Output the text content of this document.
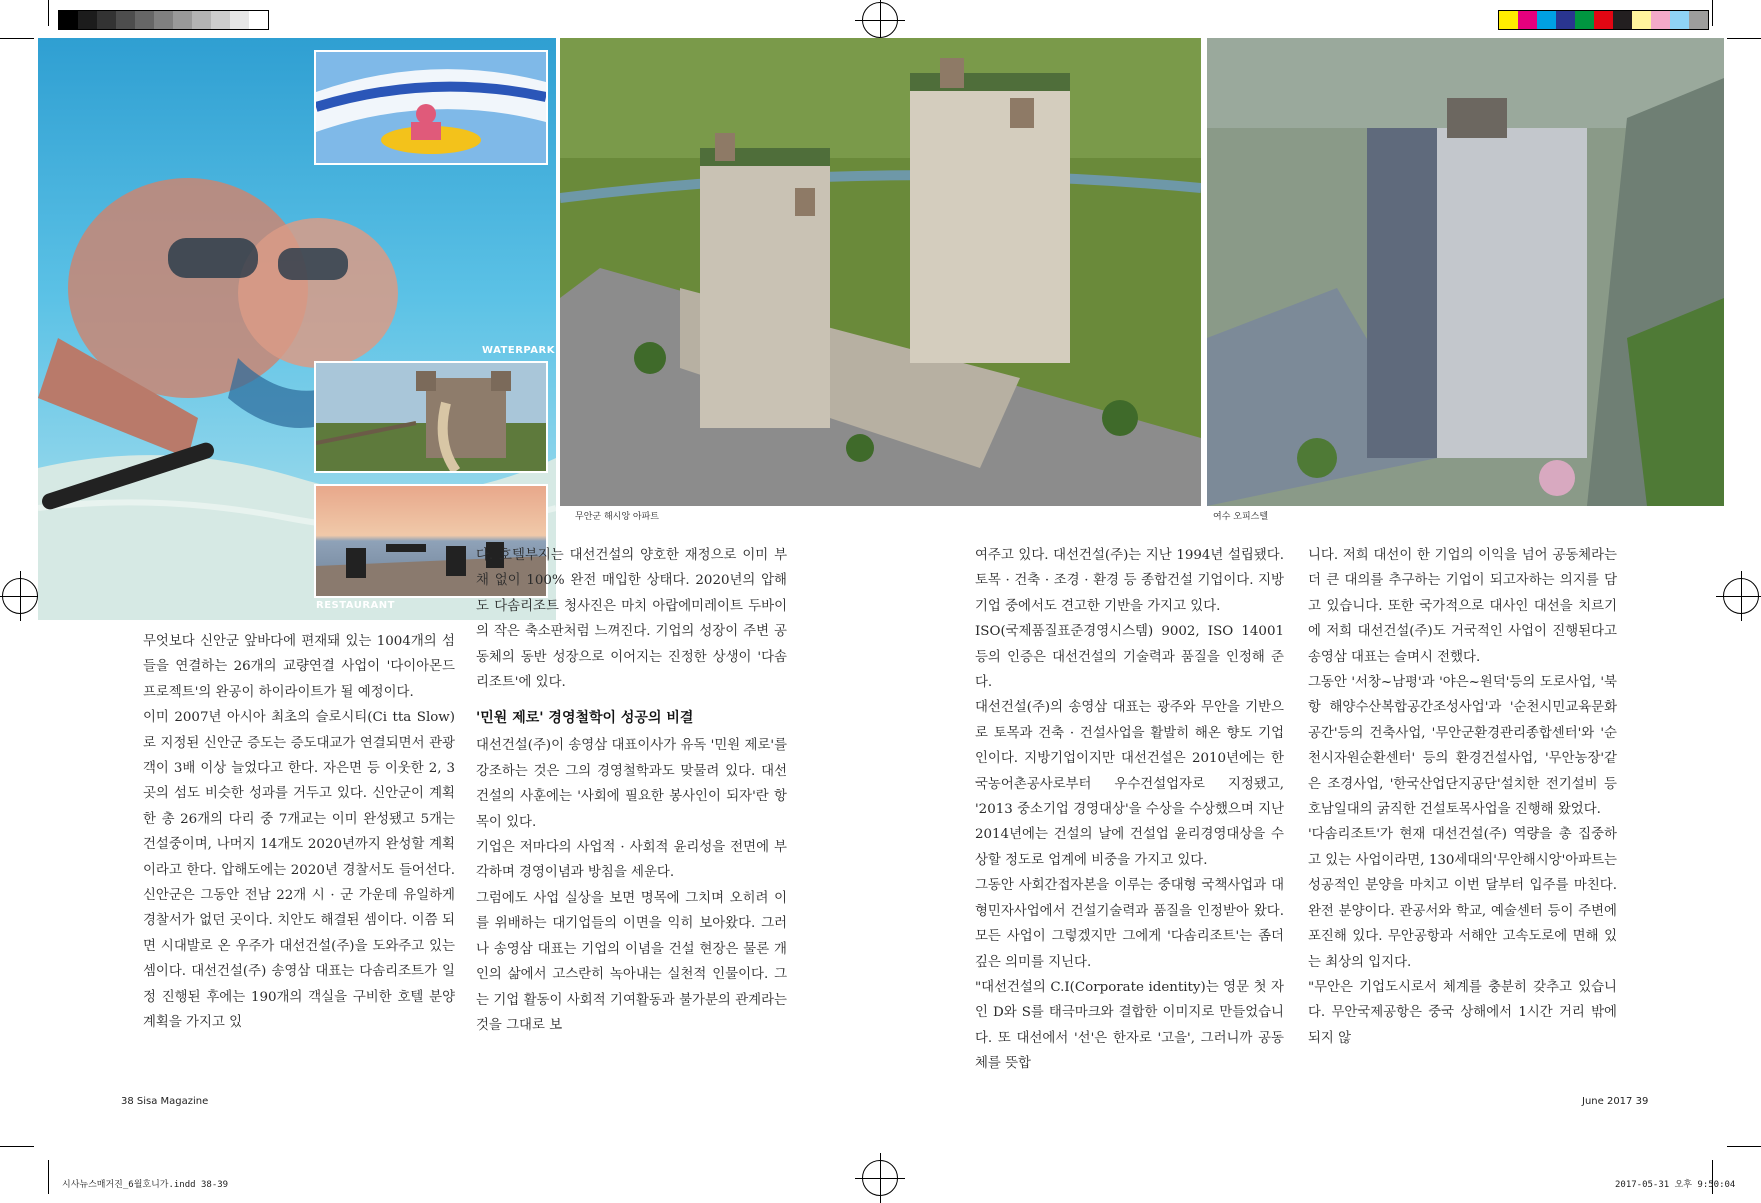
WATERPARK
RESTAURANT
무안군 해시앙 아파트	여수 오피스텔

무엇보다 신안군 앞바다에 편재돼 있는 1004개의 섬들을 연결하는 26개의 교량연결 사업이 '다이아몬드 프로젝트'의 완공이 하이라이트가 될 예정이다.

이미 2007년 아시아 최초의 슬로시티(Ci tta Slow)로 지정된 신안군 증도는 증도대교가 연결되면서 관광객이 3배 이상 늘었다고 한다. 자은면 등 이웃한 2, 3곳의 섬도 비슷한 성과를 거두고 있다. 신안군이 계획한 총 26개의 다리 중 7개교는 이미 완성됐고 5개는 건설중이며, 나머지 14개도 2020년까지 완성할 계획이라고 한다. 압해도에는 2020년 경찰서도 들어선다. 신안군은 그동안 전남 22개 시 · 군 가운데 유일하게 경찰서가 없던 곳이다. 치안도 해결된 셈이다. 이쯤 되면 시대발로 온 우주가 대선건설(주)을 도와주고 있는 셈이다. 대선건설(주) 송영삼 대표는 다솜리조트가 일정 진행된 후에는 190개의 객실을 구비한 호텔 분양계획을 가지고 있

다. 호텔부지는 대선건설의 양호한 재정으로 이미 부채 없이 100% 완전 매입한 상태다. 2020년의 압해도 다솜리조트 청사진은 마치 아랍에미레이트 두바이의 작은 축소판처럼 느껴진다. 기업의 성장이 주변 공동체의 동반 성장으로 이어지는 진정한 상생이 '다솜리조트'에 있다.

'민원 제로' 경영철학이 성공의 비결

대선건설(주)이 송영삼 대표이사가 유독 '민원 제로'를 강조하는 것은 그의 경영철학과도 맞물려 있다. 대선건설의 사훈에는 '사회에 필요한 봉사인이 되자'란 항목이 있다.

기업은 저마다의 사업적 · 사회적 윤리성을 전면에 부각하며 경영이념과 방침을 세운다.

그럼에도 사업 실상을 보면 명목에 그치며 오히려 이를 위배하는 대기업들의 이면을 익히 보아왔다. 그러나 송영삼 대표는 기업의 이념을 건설 현장은 물론 개인의 삶에서 고스란히 녹아내는 실천적 인물이다. 그는 기업 활동이 사회적 기여활동과 불가분의 관계라는 것을 그대로 보

여주고 있다. 대선건설(주)는 지난 1994년 설립됐다. 토목 · 건축 · 조경 · 환경 등 종합건설 기업이다. 지방기업 중에서도 견고한 기반을 가지고 있다.

ISO(국제품질표준경영시스템) 9002, ISO 14001 등의 인증은 대선건설의 기술력과 품질을 인정해 준다.

대선건설(주)의 송영삼 대표는 광주와 무안을 기반으로 토목과 건축 · 건설사업을 활발히 해온 향도 기업인이다. 지방기업이지만 대선건설은 2010년에는 한국농어촌공사로부터 우수건설업자로 지정됐고, '2013 중소기업 경영대상'을 수상을 수상했으며 지난 2014년에는 건설의 날에 건설업 윤리경영대상을 수상할 정도로 업계에 비중을 가지고 있다.

그동안 사회간접자본을 이루는 중대형 국책사업과 대형민자사업에서 건설기술력과 품질을 인정받아 왔다. 모든 사업이 그렇겠지만 그에게 '다솜리조트'는 좀더 깊은 의미를 지닌다.

"대선건설의 C.I(Corporate identity)는 영문 첫 자인 D와 S를 태극마크와 결합한 이미지로 만들었습니다. 또 대선에서 '선'은 한자로 '고을', 그러니까 공동체를 뜻합

니다. 저희 대선이 한 기업의 이익을 넘어 공동체라는 더 큰 대의를 추구하는 기업이 되고자하는 의지를 담고 있습니다. 또한 국가적으로 대사인 대선을 치르기에 저희 대선건설(주)도 거국적인 사업이 진행된다고 송영삼 대표는 슬며시 전했다.

그동안 '서창~남평'과 '야은~원덕'등의 도로사업, '북항 해양수산복합공간조성사업'과 '순천시민교육문화공간'등의 건축사업, '무안군환경관리종합센터'와 '순천시자원순환센터' 등의 환경건설사업, '무안농장'같은 조경사업, '한국산업단지공단'설치한 전기설비 등 호남일대의 굵직한 건설토목사업을 진행해 왔었다.

'다솜리조트'가 현재 대선건설(주) 역량을 총 집중하고 있는 사업이라면, 130세대의'무안해시앙'아파트는 성공적인 분양을 마치고 이번 달부터 입주를 마친다. 완전 분양이다. 관공서와 학교, 예술센터 등이 주변에 포진해 있다. 무안공항과 서해안 고속도로에 면해 있는 최상의 입지다.

"무안은 기업도시로서 체계를 충분히 갖추고 있습니다. 무안국제공항은 중국 상해에서 1시간 거리 밖에 되지 않

38 Sisa Magazine	June 2017 39
시사뉴스매거진_6월호니가.indd 38-39	2017-05-31 오후 9:50:04
